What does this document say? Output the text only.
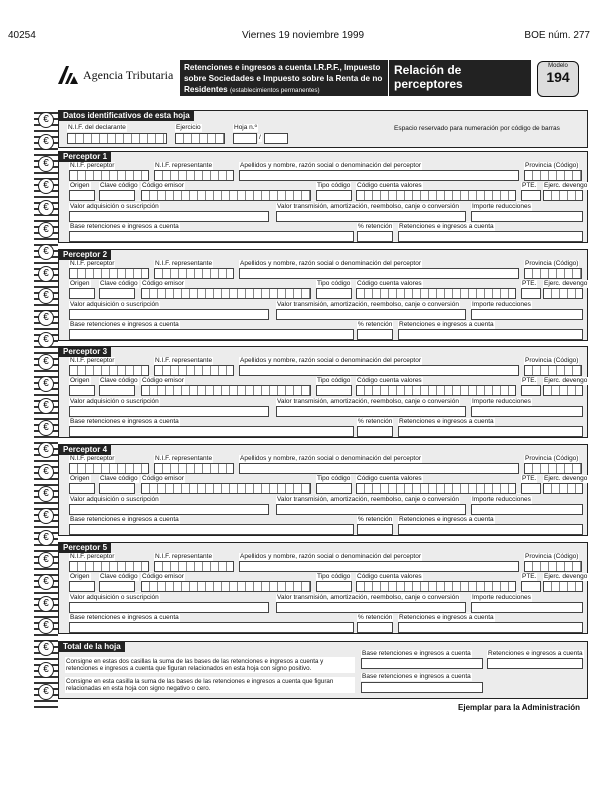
40254	Viernes 19 noviembre 1999	BOE núm. 277
Agencia Tributaria Retenciones e ingresos a cuenta I.R.P.F., Impuesto
sobre Sociedades e Impuesto sobre la Renta de no
Residentes (establecimientos permanentes)
Relación de perceptores
Modelo
194
€
€
€
€
€
€
€
€
€
€
€
€
€
€
€
€
€
€
€
€
€
€
€
€
€
€
€
Datos identificativos de esta hoja
N.I.F. del declarante	Ejercicio	Hoja n.º
/
Espacio reservado para numeración por código de barras
Perceptor 1
N.I.F. perceptor	N.I.F. representante	Apellidos y nombre, razón social o denominación del perceptor	Provincia (Código)
Origen Clave código Código emisor	Tipo código Código cuenta valores	PTE. Ejerc. devengo
Valor adquisición o suscripción	Valor transmisión, amortización, reembolso, canje o conversión Importe reducciones
Base retenciones e ingresos a cuenta	% retención Retenciones e ingresos a cuenta
Perceptor 2
N.I.F. perceptor	N.I.F. representante	Apellidos y nombre, razón social o denominación del perceptor	Provincia (Código)
Origen Clave código Código emisor	Tipo código Código cuenta valores	PTE. Ejerc. devengo
Valor adquisición o suscripción	Valor transmisión, amortización, reembolso, canje o conversión Importe reducciones
Base retenciones e ingresos a cuenta	% retención Retenciones e ingresos a cuenta
Perceptor 3
N.I.F. perceptor	N.I.F. representante	Apellidos y nombre, razón social o denominación del perceptor	Provincia (Código)
Origen Clave código Código emisor	Tipo código Código cuenta valores	PTE. Ejerc. devengo
Valor adquisición o suscripción	Valor transmisión, amortización, reembolso, canje o conversión Importe reducciones
Base retenciones e ingresos a cuenta	% retención Retenciones e ingresos a cuenta
Perceptor 4
N.I.F. perceptor	N.I.F. representante	Apellidos y nombre, razón social o denominación del perceptor	Provincia (Código)
Origen Clave código Código emisor	Tipo código Código cuenta valores	PTE. Ejerc. devengo
Valor adquisición o suscripción	Valor transmisión, amortización, reembolso, canje o conversión Importe reducciones
Base retenciones e ingresos a cuenta	% retención Retenciones e ingresos a cuenta
Perceptor 5
N.I.F. perceptor	N.I.F. representante	Apellidos y nombre, razón social o denominación del perceptor	Provincia (Código)
Origen Clave código Código emisor	Tipo código Código cuenta valores	PTE. Ejerc. devengo
Valor adquisición o suscripción	Valor transmisión, amortización, reembolso, canje o conversión Importe reducciones
Base retenciones e ingresos a cuenta	% retención Retenciones e ingresos a cuenta
Total de la hoja
Consigne en estas dos casillas la suma de las bases de las retenciones e ingresos a cuenta y retenciones e ingresos a cuenta que figuran relacionados en esta hoja con signo positivo.
Consigne en esta casilla la suma de las bases de las retenciones e ingresos a cuenta que figuran relacionadas en esta hoja con signo negativo o cero.
Base retenciones e ingresos a cuenta	Retenciones e ingresos a cuenta
Base retenciones e ingresos a cuenta
Ejemplar para la Administración
